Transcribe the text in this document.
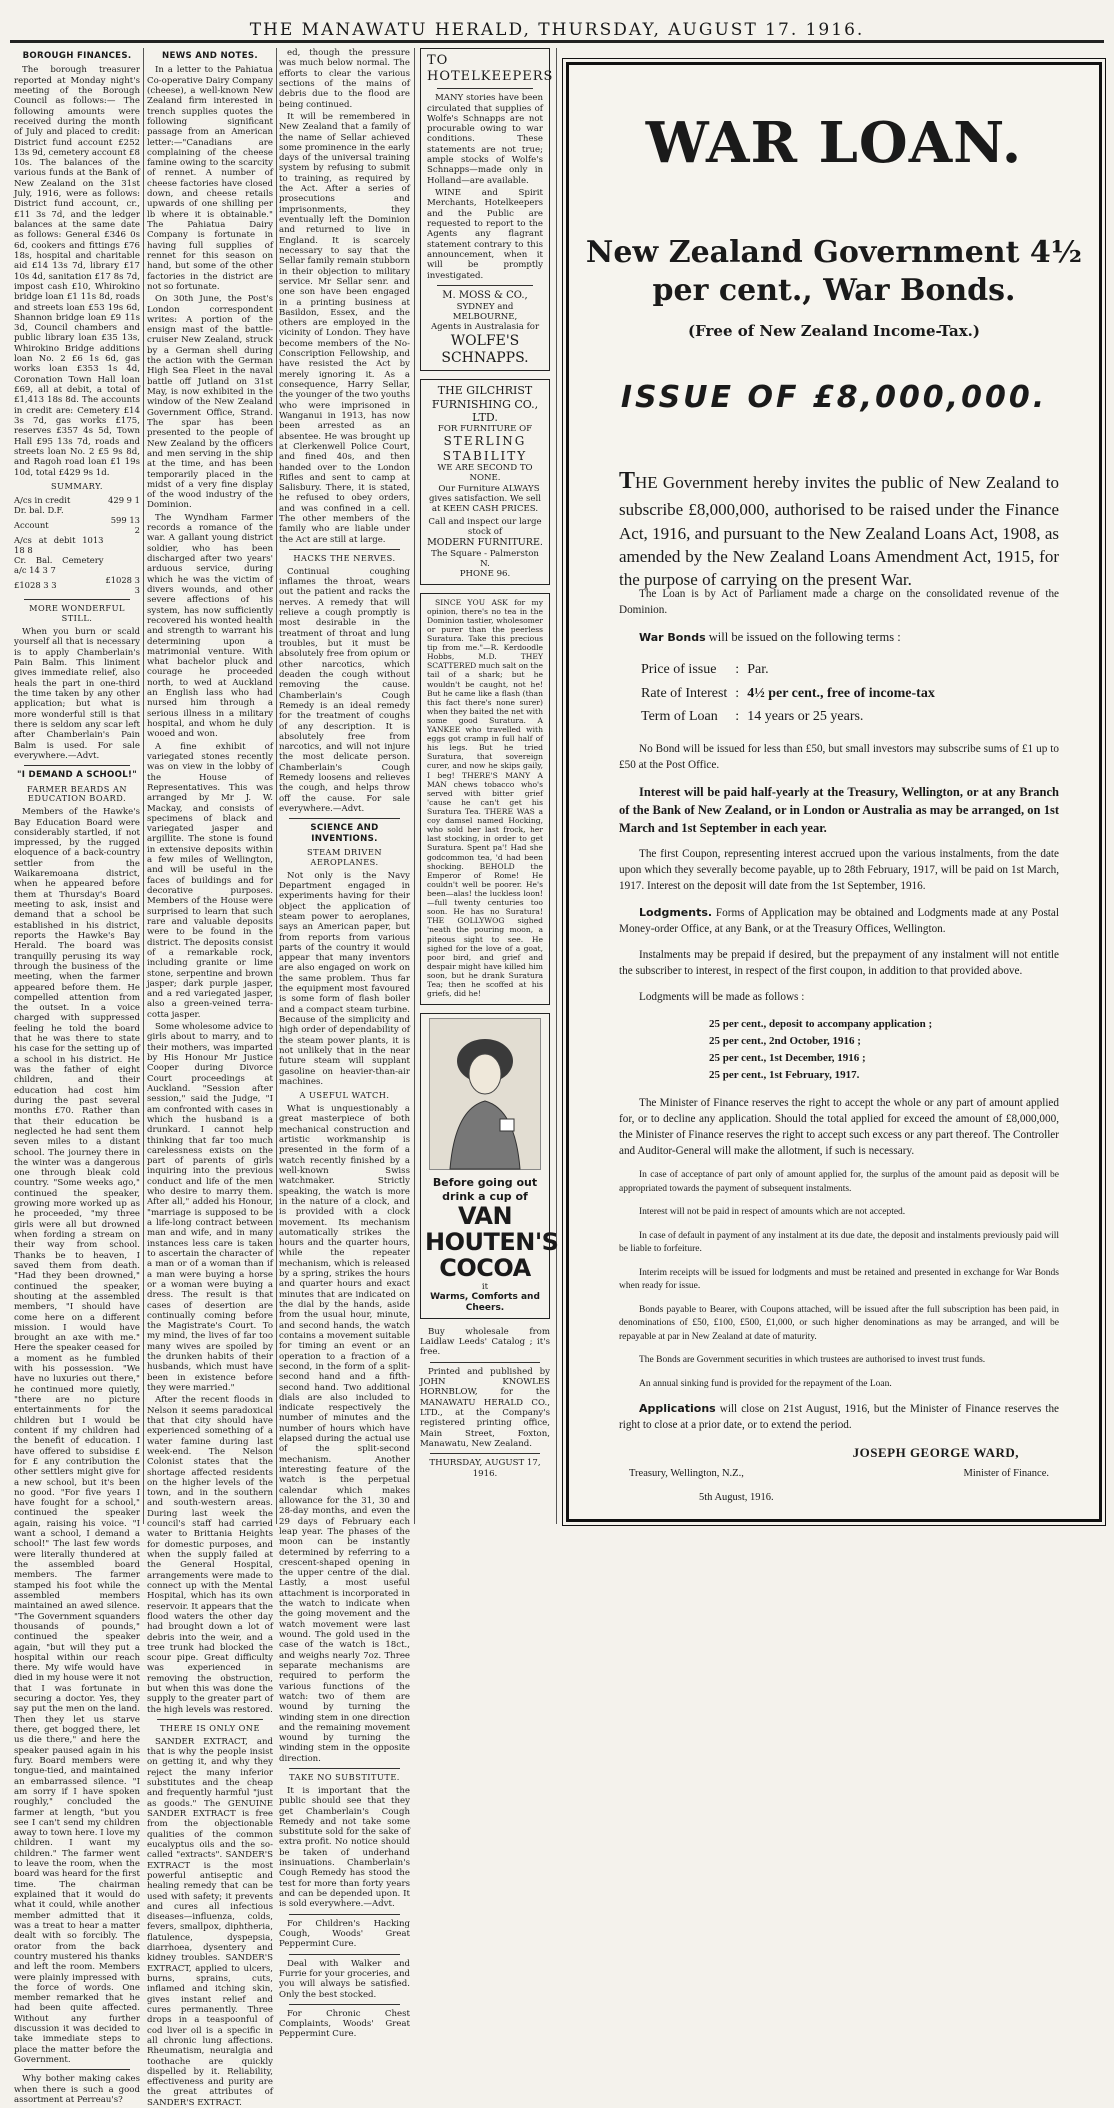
THE MANAWATU HERALD, THURSDAY, AUGUST 17. 1916.
BOROUGH FINANCES.

The borough treasurer reported at Monday night's meeting of the Borough Council as follows:— The following amounts were received during the month of July and placed to credit: District fund account £252 13s 9d, cemetery account £8 10s. The balances of the various funds at the Bank of New Zealand on the 31st July, 1916, were as follows: District fund account, cr., £11 3s 7d, and the ledger balances at the same date as follows: General £346 0s 6d, cookers and fittings £76 18s, hospital and charitable aid £14 13s 7d, library £17 10s 4d, sanitation £17 8s 7d, impost cash £10, Whirokino bridge loan £1 11s 8d, roads and streets loan £53 19s 6d, Shannon bridge loan £9 11s 3d, Council chambers and public library loan £35 13s, Whirokino Bridge additions loan No. 2 £6 1s 6d, gas works loan £353 1s 4d, Coronation Town Hall loan £69, all at debit, a total of £1,413 18s 8d. The accounts in credit are: Cemetery £14 3s 7d, gas works £175, reserves £357 4s 5d, Town Hall £95 13s 7d, roads and streets loan No. 2 £5 9s 8d, and Ragoh road loan £1 19s 10d, total £429 9s 1d.

SUMMARY.
A/cs in credit	429 9 1
Dr. bal. D.F.	
Account	599 13 2
A/cs at debit 1013 18 8	
Cr. Bal. Cemetery a/c 14 3 7	
£1028 3 3	£1028 3 3
MORE WONDERFUL STILL.

When you burn or scald yourself all that is necessary is to apply Chamberlain's Pain Balm. This liniment gives immediate relief, also heals the part in one-third the time taken by any other application; but what is more wonderful still is that there is seldom any scar left after Chamberlain's Pain Balm is used. For sale everywhere.—Advt.

"I DEMAND A SCHOOL!"
FARMER BEARDS AN EDUCATION BOARD.

Members of the Hawke's Bay Education Board were considerably startled, if not impressed, by the rugged eloquence of a back-country settler from the Waikaremoana district, when he appeared before them at Thursday's Board meeting to ask, insist and demand that a school be established in his district, reports the Hawke's Bay Herald. The board was tranquilly perusing its way through the business of the meeting, when the farmer appeared before them. He compelled attention from the outset. In a voice charged with suppressed feeling he told the board that he was there to state his case for the setting up of a school in his district. He was the father of eight children, and their education had cost him during the past several months £70. Rather than that their education be neglected he had sent them seven miles to a distant school. The journey there in the winter was a dangerous one through bleak cold country. "Some weeks ago," continued the speaker, growing more worked up as he proceeded, "my three girls were all but drowned when fording a stream on their way from school. Thanks be to heaven, I saved them from death. "Had they been drowned," continued the speaker, shouting at the assembled members, "I should have come here on a different mission. I would have brought an axe with me." Here the speaker ceased for a moment as he fumbled with his possession. "We have no luxuries out there," he continued more quietly, "there are no picture entertainments for the children but I would be content if my children had the benefit of education. I have offered to subsidise £ for £ any contribution the other settlers might give for a new school, but it's been no good. "For five years I have fought for a school," continued the speaker again, raising his voice. "I want a school, I demand a school!" The last few words were literally thundered at the assembled board members. The farmer stamped his foot while the assembled members maintained an awed silence. "The Government squanders thousands of pounds," continued the speaker again, "but will they put a hospital within our reach there. My wife would have died in my house were it not that I was fortunate in securing a doctor. Yes, they say put the men on the land. Then they let us starve there, get bogged there, let us die there," and here the speaker paused again in his fury. Board members were tongue-tied, and maintained an embarrassed silence. "I am sorry if I have spoken roughly," concluded the farmer at length, "but you see I can't send my children away to town here. I love my children. I want my children." The farmer went to leave the room, when the board was heard for the first time. The chairman explained that it would do what it could, while another member admitted that it was a treat to hear a matter dealt with so forcibly. The orator from the back country mustered his thanks and left the room. Members were plainly impressed with the force of words. One member remarked that he had been quite affected. Without any further discussion it was decided to take immediate steps to place the matter before the Government.

Why bother making cakes when there is such a good assortment at Perreau's?

NEWS AND NOTES.

In a letter to the Pahiatua Co-operative Dairy Company (cheese), a well-known New Zealand firm interested in trench supplies quotes the following significant passage from an American letter:—"Canadians are complaining of the cheese famine owing to the scarcity of rennet. A number of cheese factories have closed down, and cheese retails upwards of one shilling per lb where it is obtainable." The Pahiatua Dairy Company is fortunate in having full supplies of rennet for this season on hand, but some of the other factories in the district are not so fortunate.

On 30th June, the Post's London correspondent writes: A portion of the ensign mast of the battle-cruiser New Zealand, struck by a German shell during the action with the German High Sea Fleet in the naval battle off Jutland on 31st May, is now exhibited in the window of the New Zealand Government Office, Strand. The spar has been presented to the people of New Zealand by the officers and men serving in the ship at the time, and has been temporarily placed in the midst of a very fine display of the wood industry of the Dominion.

The Wyndham Farmer records a romance of the war. A gallant young district soldier, who has been discharged after two years' arduous service, during which he was the victim of divers wounds, and other severe affections of his system, has now sufficiently recovered his wonted health and strength to warrant his determining upon a matrimonial venture. With what bachelor pluck and courage he proceeded north, to wed at Auckland an English lass who had nursed him through a serious illness in a military hospital, and whom he duly wooed and won.

A fine exhibit of variegated stones recently was on view in the lobby of the House of Representatives. This was arranged by Mr J. W. Mackay, and consists of specimens of black and variegated jasper and argillite. The stone is found in extensive deposits within a few miles of Wellington, and will be useful in the faces of buildings and for decorative purposes. Members of the House were surprised to learn that such rare and valuable deposits were to be found in the district. The deposits consist of a remarkable rock, including granite or lime stone, serpentine and brown jasper; dark purple jasper, and a red variegated jasper, also a green-veined terra-cotta jasper.

Some wholesome advice to girls about to marry, and to their mothers, was imparted by His Honour Mr Justice Cooper during Divorce Court proceedings at Auckland. "Session after session," said the Judge, "I am confronted with cases in which the husband is a drunkard. I cannot help thinking that far too much carelessness exists on the part of parents of girls inquiring into the previous conduct and life of the men who desire to marry them. After all," added his Honour, "marriage is supposed to be a life-long contract between man and wife, and in many instances less care is taken to ascertain the character of a man or of a woman than if a man were buying a horse or a woman were buying a dress. The result is that cases of desertion are continually coming before the Magistrate's Court. To my mind, the lives of far too many wives are spoiled by the drunken habits of their husbands, which must have been in existence before they were married."

After the recent floods in Nelson it seems paradoxical that that city should have experienced something of a water famine during last week-end. The Nelson Colonist states that the shortage affected residents on the higher levels of the town, and in the southern and south-western areas. During last week the council's staff had carried water to Brittania Heights for domestic purposes, and when the supply failed at the General Hospital, arrangements were made to connect up with the Mental Hospital, which has its own reservoir. It appears that the flood waters the other day had brought down a lot of debris into the weir, and a tree trunk had blocked the scour pipe. Great difficulty was experienced in removing the obstruction, but when this was done the supply to the greater part of the high levels was restored.

THERE IS ONLY ONE

SANDER EXTRACT, and that is why the people insist on getting it, and why they reject the many inferior substitutes and the cheap and frequently harmful "just as goods." The GENUINE SANDER EXTRACT is free from the objectionable qualities of the common eucalyptus oils and the so-called "extracts". SANDER'S EXTRACT is the most powerful antiseptic and healing remedy that can be used with safety; it prevents and cures all infectious diseases—influenza, colds, fevers, smallpox, diphtheria, flatulence, dyspepsia, diarrhoea, dysentery and kidney troubles. SANDER'S EXTRACT, applied to ulcers, burns, sprains, cuts, inflamed and itching skin, gives instant relief and cures permanently. Three drops in a teaspoonful of cod liver oil is a specific in all chronic lung affections. Rheumatism, neuralgia and toothache are quickly dispelled by it. Reliability, effectiveness and purity are the great attributes of SANDER'S EXTRACT.

ed, though the pressure was much below normal. The efforts to clear the various sections of the mains of debris due to the flood are being continued.

It will be remembered in New Zealand that a family of the name of Sellar achieved some prominence in the early days of the universal training system by refusing to submit to training, as required by the Act. After a series of prosecutions and imprisonments, they eventually left the Dominion and returned to live in England. It is scarcely necessary to say that the Sellar family remain stubborn in their objection to military service. Mr Sellar senr. and one son have been engaged in a printing business at Basildon, Essex, and the others are employed in the vicinity of London. They have become members of the No-Conscription Fellowship, and have resisted the Act by merely ignoring it. As a consequence, Harry Sellar, the younger of the two youths who were imprisoned in Wanganui in 1913, has now been arrested as an absentee. He was brought up at Clerkenwell Police Court, and fined 40s, and then handed over to the London Rifles and sent to camp at Salisbury. There, it is stated, he refused to obey orders, and was confined in a cell. The other members of the family who are liable under the Act are still at large.

HACKS THE NERVES.

Continual coughing inflames the throat, wears out the patient and racks the nerves. A remedy that will relieve a cough promptly is most desirable in the treatment of throat and lung troubles, but it must be absolutely free from opium or other narcotics, which deaden the cough without removing the cause. Chamberlain's Cough Remedy is an ideal remedy for the treatment of coughs of any description. It is absolutely free from narcotics, and will not injure the most delicate person. Chamberlain's Cough Remedy loosens and relieves the cough, and helps throw off the cause. For sale everywhere.—Advt.

SCIENCE AND INVENTIONS.
STEAM DRIVEN AEROPLANES.

Not only is the Navy Department engaged in experiments having for their object the application of steam power to aeroplanes, says an American paper, but from reports from various parts of the country it would appear that many inventors are also engaged on work on the same problem. Thus far the equipment most favoured is some form of flash boiler and a compact steam turbine. Because of the simplicity and high order of dependability of the steam power plants, it is not unlikely that in the near future steam will supplant gasoline on heavier-than-air machines.

A USEFUL WATCH.

What is unquestionably a great masterpiece of both mechanical construction and artistic workmanship is presented in the form of a watch recently finished by a well-known Swiss watchmaker. Strictly speaking, the watch is more in the nature of a clock, and is provided with a clock movement. Its mechanism automatically strikes the hours and the quarter hours, while the repeater mechanism, which is released by a spring, strikes the hours and quarter hours and exact minutes that are indicated on the dial by the hands, aside from the usual hour, minute, and second hands, the watch contains a movement suitable for timing an event or an operation to a fraction of a second, in the form of a split-second hand and a fifth-second hand. Two additional dials are also included to indicate respectively the number of minutes and the number of hours which have elapsed during the actual use of the split-second mechanism. Another interesting feature of the watch is the perpetual calendar which makes allowance for the 31, 30 and 28-day months, and even the 29 days of February each leap year. The phases of the moon can be instantly determined by referring to a crescent-shaped opening in the upper centre of the dial. Lastly, a most useful attachment is incorporated in the watch to indicate when the going movement and the watch movement were last wound. The gold used in the case of the watch is 18ct., and weighs nearly 7oz. Three separate mechanisms are required to perform the various functions of the watch: two of them are wound by turning the winding stem in one direction and the remaining movement wound by turning the winding stem in the opposite direction.

TAKE NO SUBSTITUTE.

It is important that the public should see that they get Chamberlain's Cough Remedy and not take some substitute sold for the sake of extra profit. No notice should be taken of underhand insinuations. Chamberlain's Cough Remedy has stood the test for more than forty years and can be depended upon. It is sold everywhere.—Advt.

For Children's Hacking Cough, Woods' Great Peppermint Cure.

Deal with Walker and Furrie for your groceries, and you will always be satisfied. Only the best stocked.

For Chronic Chest Complaints, Woods' Great Peppermint Cure.

TO HOTELKEEPERS

MANY stories have been circulated that supplies of Wolfe's Schnapps are not procurable owing to war conditions. These statements are not true; ample stocks of Wolfe's Schnapps—made only in Holland—are available.

WINE and Spirit Merchants, Hotelkeepers and the Public are requested to report to the Agents any flagrant statement contrary to this announcement, when it will be promptly investigated.

M. MOSS & CO.,
SYDNEY and MELBOURNE,
Agents in Australasia for
WOLFE'S SCHNAPPS.
THE GILCHRIST FURNISHING CO., LTD.
FOR FURNITURE OF
STERLING STABILITY
WE ARE SECOND TO NONE.

Our Furniture ALWAYS gives satisfaction. We sell at KEEN CASH PRICES.

Call and inspect our large stock of
MODERN FURNITURE.
The Square - Palmerston N.
PHONE 96.

SINCE YOU ASK for my opinion, there's no tea in the Dominion tastier, wholesomer or purer than the peerless Suratura. Take this precious tip from me."—R. Kerdoodle Hobbs, M.D. THEY SCATTERED much salt on the tail of a shark; but he wouldn't be caught, not he! But he came like a flash (than this fact there's none surer) when they baited the net with some good Suratura. A YANKEE who travelled with eggs got cramp in full half of his legs. But he tried Suratura, that sovereign curer, and now he skips gaily, I beg! THERE'S MANY A MAN chews tobacco who's served with bitter grief 'cause he can't get his Suratura Tea. THERE WAS a coy damsel named Hocking, who sold her last frock, her last stocking, in order to get Suratura. Spent pa'! Had she godcommon tea, 'd had been shocking. BEHOLD the Emperor of Rome! He couldn't well be poorer. He's been—alas! the luckless loon!—full twenty centuries too soon. He has no Suratura! THE GOLLYWOG sighed 'neath the pouring moon, a piteous sight to see. He sighed for the love of a goat, poor bird, and grief and despair might have killed him soon, but he drank Suratura Tea; then he scoffed at his griefs, did he!

Before going out drink a cup of
VAN
HOUTEN'S
COCOA
it
Warms, Comforts and Cheers.

Buy wholesale from Laidlaw Leeds' Catalog ; it's free.

Printed and published by JOHN KNOWLES HORNBLOW, for the MANAWATU HERALD CO., LTD., at the Company's registered printing office, Main Street, Foxton, Manawatu, New Zealand.

THURSDAY, AUGUST 17, 1916.
WAR LOAN.
New Zealand Government 4½
per cent., War Bonds.
(Free of New Zealand Income-Tax.)
ISSUE OF £8,000,000.
THE Government hereby invites the public of New Zealand to subscribe £8,000,000, authorised to be raised under the Finance Act, 1916, and pursuant to the New Zealand Loans Act, 1908, as amended by the New Zealand Loans Amendment Act, 1915, for the purpose of carrying on the present War.

The Loan is by Act of Parliament made a charge on the consolidated revenue of the Dominion.

War Bonds will be issued on the following terms :

Price of issue	:	Par.
Rate of Interest	:	4½ per cent., free of income-tax
Term of Loan	:	14 years or 25 years.

No Bond will be issued for less than £50, but small investors may subscribe sums of £1 up to £50 at the Post Office.

Interest will be paid half-yearly at the Treasury, Wellington, or at any Branch of the Bank of New Zealand, or in London or Australia as may be arranged, on 1st March and 1st September in each year.

The first Coupon, representing interest accrued upon the various instalments, from the date upon which they severally become payable, up to 28th February, 1917, will be paid on 1st March, 1917. Interest on the deposit will date from the 1st September, 1916.

Lodgments. Forms of Application may be obtained and Lodgments made at any Postal Money-order Office, at any Bank, or at the Treasury Offices, Wellington.

Instalments may be prepaid if desired, but the prepayment of any instalment will not entitle the subscriber to interest, in respect of the first coupon, in addition to that provided above.

Lodgments will be made as follows :

25 per cent., deposit to accompany application ;
25 per cent., 2nd October, 1916 ;
25 per cent., 1st December, 1916 ;
25 per cent., 1st February, 1917.

The Minister of Finance reserves the right to accept the whole or any part of amount applied for, or to decline any application. Should the total applied for exceed the amount of £8,000,000, the Minister of Finance reserves the right to accept such excess or any part thereof. The Controller and Auditor-General will make the allotment, if such is necessary.

In case of acceptance of part only of amount applied for, the surplus of the amount paid as deposit will be appropriated towards the payment of subsequent instalments.

Interest will not be paid in respect of amounts which are not accepted.

In case of default in payment of any instalment at its due date, the deposit and instalments previously paid will be liable to forfeiture.

Interim receipts will be issued for lodgments and must be retained and presented in exchange for War Bonds when ready for issue.

Bonds payable to Bearer, with Coupons attached, will be issued after the full subscription has been paid, in denominations of £50, £100, £500, £1,000, or such higher denominations as may be arranged, and will be repayable at par in New Zealand at date of maturity.

The Bonds are Government securities in which trustees are authorised to invest trust funds.

An annual sinking fund is provided for the repayment of the Loan.

Applications will close on 21st August, 1916, but the Minister of Finance reserves the right to close at a prior date, or to extend the period.

JOSEPH GEORGE WARD,
Treasury, Wellington, N.Z.,	Minister of Finance.
5th August, 1916.
